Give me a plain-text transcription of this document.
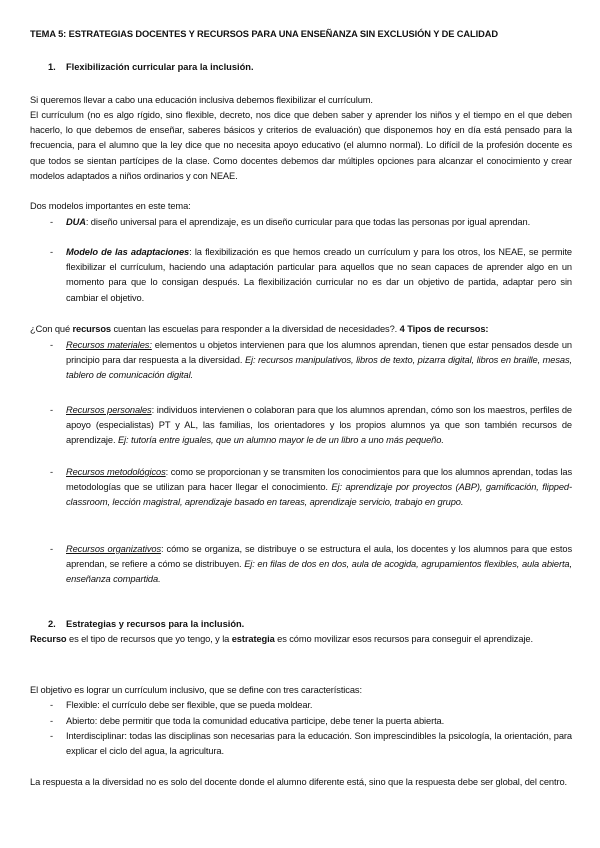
TEMA 5: ESTRATEGIAS DOCENTES Y RECURSOS PARA UNA ENSEÑANZA SIN EXCLUSIÓN Y DE CALIDAD
1. Flexibilización curricular para la inclusión.
Si queremos llevar a cabo una educación inclusiva debemos flexibilizar el currículum.
El currículum (no es algo rígido, sino flexible, decreto, nos dice que deben saber y aprender los niños y el tiempo en el que deben hacerlo, lo que debemos de enseñar, saberes básicos y criterios de evaluación) que disponemos hoy en día está pensado para la frecuencia, para el alumno que la ley dice que no necesita apoyo educativo (el alumno normal). Lo difícil de la profesión docente es que todos se sientan partícipes de la clase. Como docentes debemos dar múltiples opciones para alcanzar el conocimiento y crear modelos adaptados a niños ordinarios y con NEAE.
Dos modelos importantes en este tema:
- DUA: diseño universal para el aprendizaje, es un diseño curricular para que todas las personas por igual aprendan.
- Modelo de las adaptaciones: la flexibilización es que hemos creado un currículum y para los otros, los NEAE, se permite flexibilizar el currículum, haciendo una adaptación particular para aquellos que no sean capaces de aprender algo en un momento para que lo consigan después. La flexibilización curricular no es dar un objetivo de partida, adaptar pero sin cambiar el objetivo.
¿Con qué recursos cuentan las escuelas para responder a la diversidad de necesidades?. 4 Tipos de recursos:
- Recursos materiales: elementos u objetos intervienen para que los alumnos aprendan, tienen que estar pensados desde un principio para dar respuesta a la diversidad. Ej: recursos manipulativos, libros de texto, pizarra digital, libros en braille, mesas, tablero de comunicación digital.
- Recursos personales: individuos intervienen o colaboran para que los alumnos aprendan, cómo son los maestros, perfiles de apoyo (especialistas) PT y AL, las familias, los orientadores y los propios alumnos ya que son también recursos de aprendizaje. Ej: tutoría entre iguales, que un alumno mayor le de un libro a uno más pequeño.
- Recursos metodológicos: como se proporcionan y se transmiten los conocimientos para que los alumnos aprendan, todas las metodologías que se utilizan para hacer llegar el conocimiento. Ej: aprendizaje por proyectos (ABP), gamificación, flipped-classroom, lección magistral, aprendizaje basado en tareas, aprendizaje servicio, trabajo en grupo.
- Recursos organizativos: cómo se organiza, se distribuye o se estructura el aula, los docentes y los alumnos para que estos aprendan, se refiere a cómo se distribuyen. Ej: en filas de dos en dos, aula de acogida, agrupamientos flexibles, aula abierta, enseñanza compartida.
2. Estrategias y recursos para la inclusión.
Recurso es el tipo de recursos que yo tengo, y la estrategia es cómo movilizar esos recursos para conseguir el aprendizaje.
El objetivo es lograr un currículum inclusivo, que se define con tres características:
- Flexible: el currículo debe ser flexible, que se pueda moldear.
- Abierto: debe permitir que toda la comunidad educativa participe, debe tener la puerta abierta.
- Interdisciplinar: todas las disciplinas son necesarias para la educación. Son imprescindibles la psicología, la orientación, para explicar el ciclo del agua, la agricultura.
La respuesta a la diversidad no es solo del docente donde el alumno diferente está, sino que la respuesta debe ser global, del centro.
